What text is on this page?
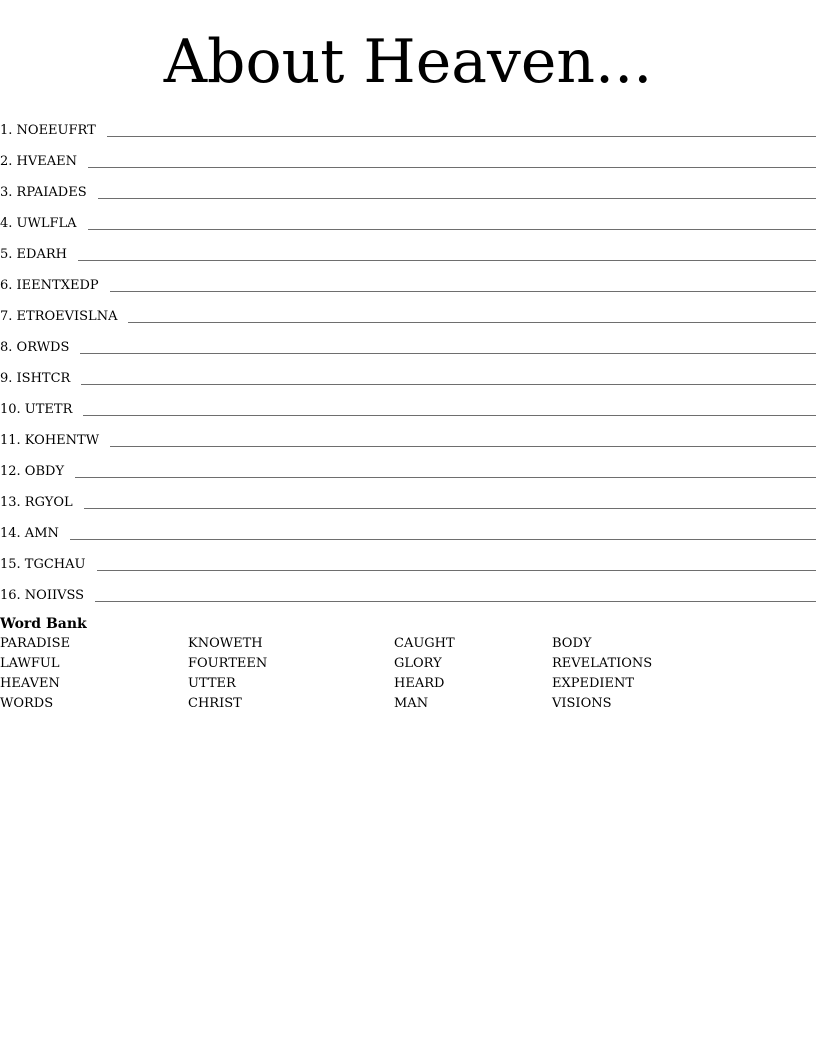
About Heaven...
1. NOEEUFRT
2. HVEAEN
3. RPAIADES
4. UWLFLA
5. EDARH
6. IEENTXEDP
7. ETROEVISLNA
8. ORWDS
9. ISHTCR
10. UTETR
11. KOHENTW
12. OBDY
13. RGYOL
14. AMN
15. TGCHAU
16. NOIIVSS
Word Bank
PARADISE	KNOWETH	CAUGHT	BODY
LAWFUL	FOURTEEN	GLORY	REVELATIONS
HEAVEN	UTTER	HEARD	EXPEDIENT
WORDS	CHRIST	MAN	VISIONS
